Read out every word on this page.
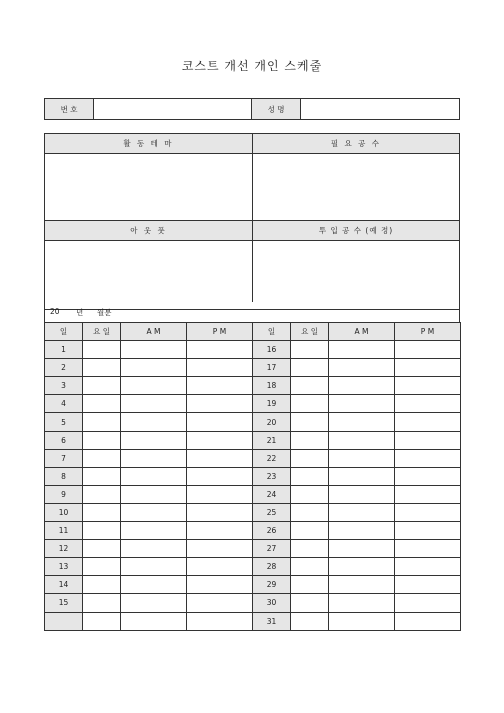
코스트 개선 개인 스케줄
번 호	성 명
활 동 테 마	필 요 공 수
아 웃 풋	투 입 공 수 (예 정)
20 년 월분
일	요 일	A M	P M	일	요 일	A M	P M
1				16			
2				17			
3				18			
4				19			
5				20			
6				21			
7				22			
8				23			
9				24			
10				25			
11				26			
12				27			
13				28			
14				29			
15				30			
				31			
